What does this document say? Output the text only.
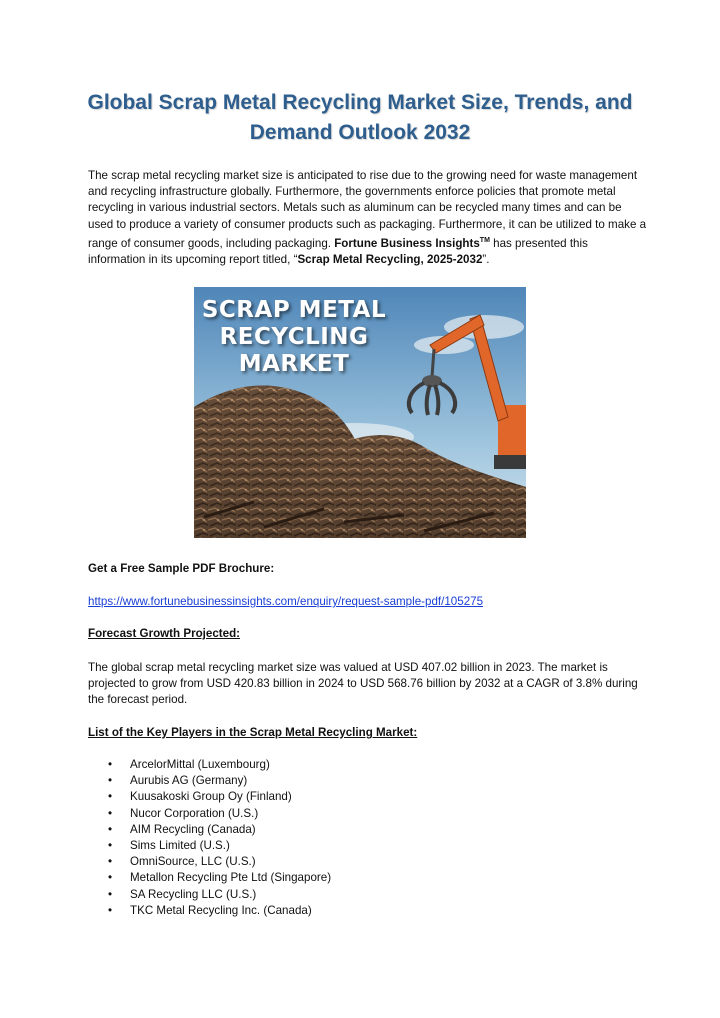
Global Scrap Metal Recycling Market Size, Trends, and
Demand Outlook 2032

The scrap metal recycling market size is anticipated to rise due to the growing need for waste management and recycling infrastructure globally. Furthermore, the governments enforce policies that promote metal recycling in various industrial sectors. Metals such as aluminum can be recycled many times and can be used to produce a variety of consumer products such as packaging. Furthermore, it can be utilized to make a range of consumer goods, including packaging. Fortune Business Insights™ has presented this information in its upcoming report titled, “Scrap Metal Recycling, 2025-2032”.

SCRAP METAL
RECYCLING
MARKET

Get a Free Sample PDF Brochure:

https://www.fortunebusinessinsights.com/enquiry/request-sample-pdf/105275

Forecast Growth Projected:

The global scrap metal recycling market size was valued at USD 407.02 billion in 2023. The market is projected to grow from USD 420.83 billion in 2024 to USD 568.76 billion by 2032 at a CAGR of 3.8% during the forecast period.

List of the Key Players in the Scrap Metal Recycling Market:

• ArcelorMittal (Luxembourg)
• Aurubis AG (Germany)
• Kuusakoski Group Oy (Finland)
• Nucor Corporation (U.S.)
• AIM Recycling (Canada)
• Sims Limited (U.S.)
• OmniSource, LLC (U.S.)
• Metallon Recycling Pte Ltd (Singapore)
• SA Recycling LLC (U.S.)
• TKC Metal Recycling Inc. (Canada)
